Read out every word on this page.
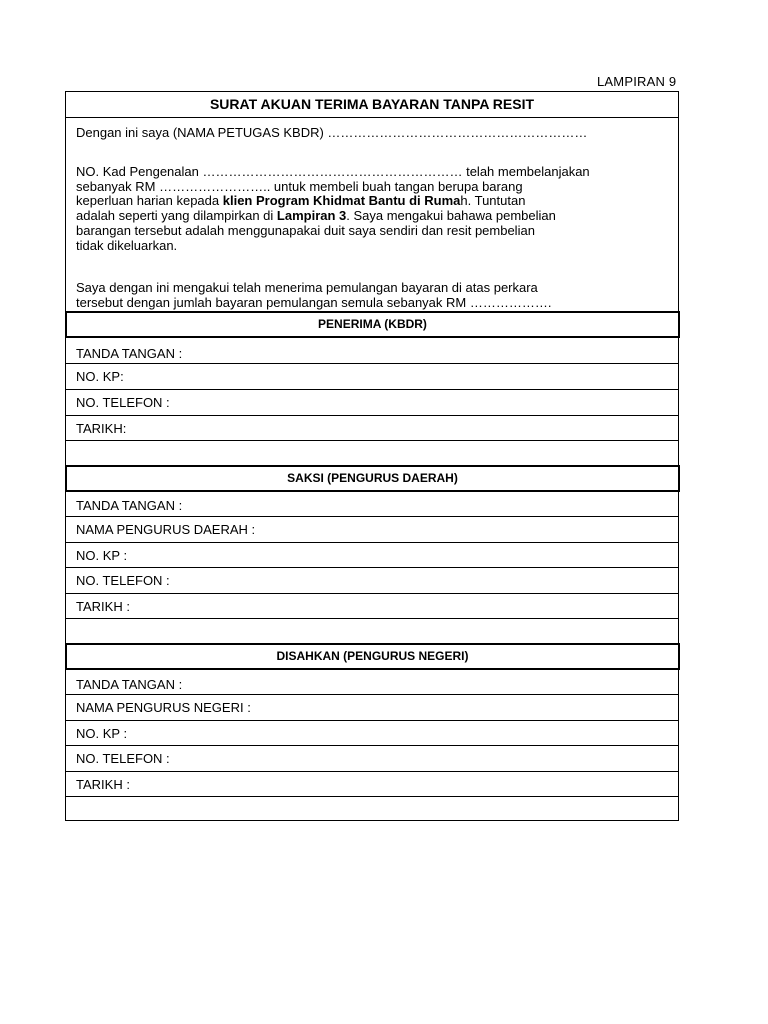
LAMPIRAN 9
SURAT AKUAN TERIMA BAYARAN TANPA RESIT
Dengan ini saya (NAMA PETUGAS KBDR) ……………………………………………………
NO. Kad Pengenalan …………………………………………………… telah membelanjakan
sebanyak RM …………………….. untuk membeli buah tangan berupa barang
keperluan harian kepada klien Program Khidmat Bantu di Rumah. Tuntutan
adalah seperti yang dilampirkan di Lampiran 3. Saya mengakui bahawa pembelian
barangan tersebut adalah menggunapakai duit saya sendiri dan resit pembelian
tidak dikeluarkan.
Saya dengan ini mengakui telah menerima pemulangan bayaran di atas perkara
tersebut dengan jumlah bayaran pemulangan semula sebanyak RM ……………….
PENERIMA (KBDR)
TANDA TANGAN :
NO. KP:
NO. TELEFON :
TARIKH:
SAKSI (PENGURUS DAERAH)
TANDA TANGAN :
NAMA PENGURUS DAERAH :
NO. KP :
NO. TELEFON :
TARIKH :
DISAHKAN (PENGURUS NEGERI)
TANDA TANGAN :
NAMA PENGURUS NEGERI :
NO. KP :
NO. TELEFON :
TARIKH :
